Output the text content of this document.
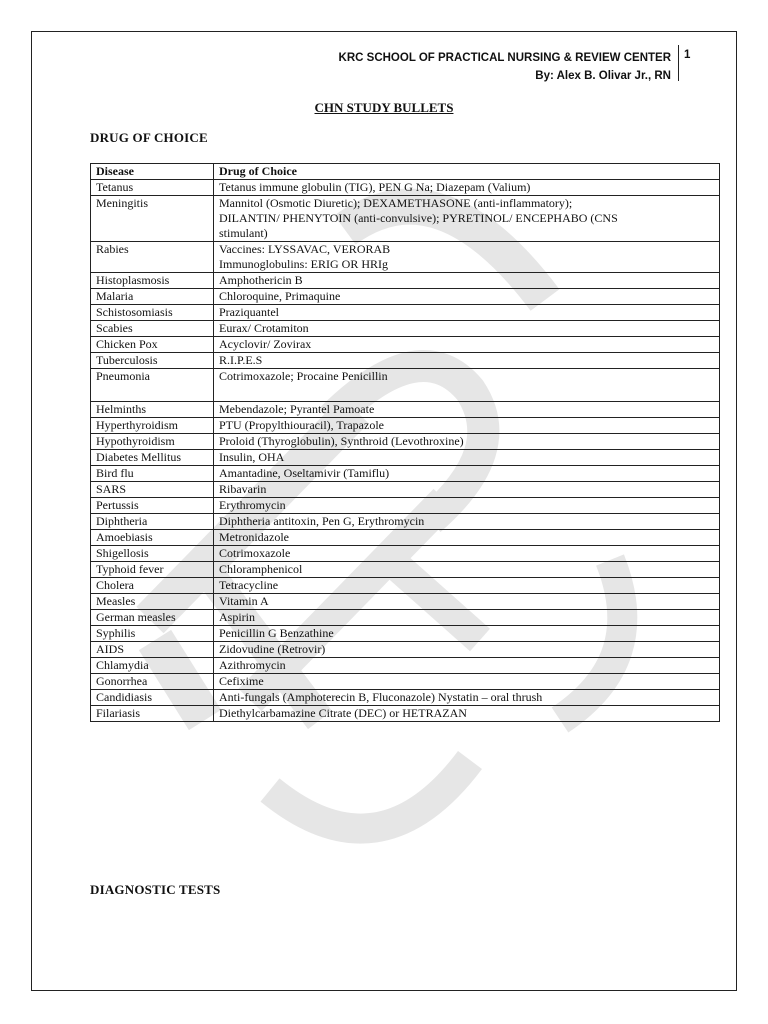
KRC SCHOOL OF PRACTICAL NURSING & REVIEW CENTER
By: Alex B. Olivar Jr., RN
1
CHN STUDY BULLETS
DRUG OF CHOICE
Disease	Drug of Choice
Tetanus	Tetanus immune globulin (TIG), PEN G Na; Diazepam (Valium)

Meningitis	Mannitol (Osmotic Diuretic); DEXAMETHASONE (anti-inflammatory);
DILANTIN/ PHENYTOIN (anti-convulsive); PYRETINOL/ ENCEPHABO (CNS
stimulant)

Rabies	Vaccines: LYSSAVAC, VERORAB
Immunoglobulins: ERIG OR HRIg

Histoplasmosis	Amphothericin B

Malaria	Chloroquine, Primaquine

Schistosomiasis	Praziquantel

Scabies	Eurax/ Crotamiton

Chicken Pox	Acyclovir/ Zovirax

Tuberculosis	R.I.P.E.S

Pneumonia	Cotrimoxazole; Procaine Penicillin

Helminths	Mebendazole; Pyrantel Pamoate

Hyperthyroidism	PTU (Propylthiouracil), Trapazole

Hypothyroidism	Proloid (Thyroglobulin), Synthroid (Levothroxine)

Diabetes Mellitus	Insulin, OHA

Bird flu	Amantadine, Oseltamivir (Tamiflu)

SARS	Ribavarin

Pertussis	Erythromycin

Diphtheria	Diphtheria antitoxin, Pen G, Erythromycin

Amoebiasis	Metronidazole

Shigellosis	Cotrimoxazole

Typhoid fever	Chloramphenicol

Cholera	Tetracycline

Measles	Vitamin A

German measles	Aspirin

Syphilis	Penicillin G Benzathine

AIDS	Zidovudine (Retrovir)

Chlamydia	Azithromycin

Gonorrhea	Cefixime

Candidiasis	Anti-fungals (Amphoterecin B, Fluconazole) Nystatin – oral thrush

Filariasis	Diethylcarbamazine Citrate (DEC) or HETRAZAN
DIAGNOSTIC TESTS
